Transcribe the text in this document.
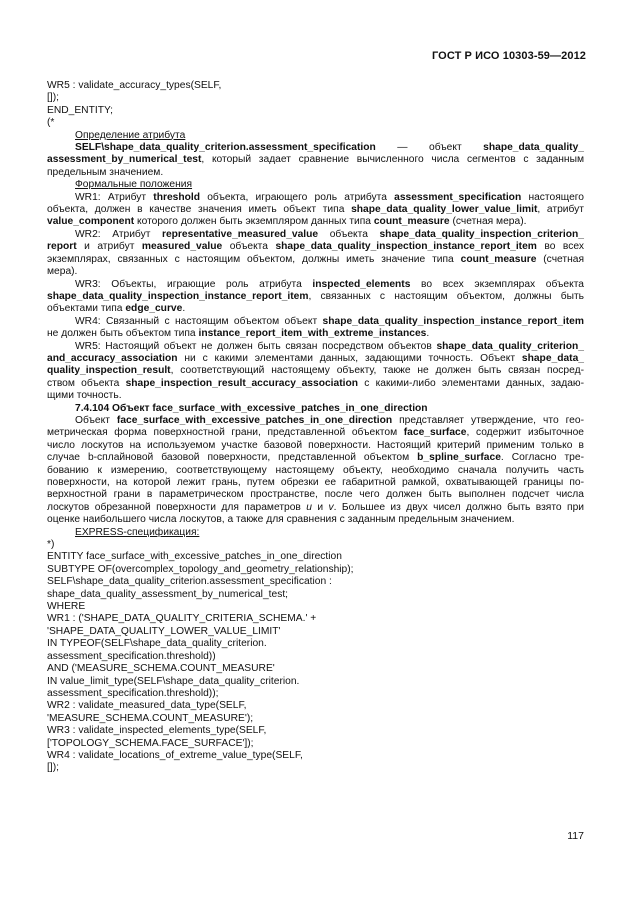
ГОСТ Р ИСО 10303-59—2012
WR5 : validate_accuracy_types(SELF,
[]);
END_ENTITY;
(*
Определение атрибута
SELF\shape_data_quality_criterion.assessment_specification — объект shape_data_quality_
assessment_by_numerical_test, который задает сравнение вычисленного числа сегментов с заданным
предельным значением.
Формальные положения
WR1: Атрибут threshold объекта, играющего роль атрибута assessment_specification настоящего
объекта, должен в качестве значения иметь объект типа shape_data_quality_lower_value_limit, атрибут
value_component которого должен быть экземпляром данных типа count_measure (счетная мера).
WR2: Атрибут representative_measured_value объекта shape_data_quality_inspection_criterion_
report и атрибут measured_value объекта shape_data_quality_inspection_instance_report_item во всех
экземплярах, связанных с настоящим объектом, должны иметь значение типа count_measure (счетная
мера).
WR3: Объекты, играющие роль атрибута inspected_elements во всех экземплярах объекта
shape_data_quality_inspection_instance_report_item, связанных с настоящим объектом, должны быть
объектами типа edge_curve.
WR4: Связанный с настоящим объектом объект shape_data_quality_inspection_instance_report_item
не должен быть объектом типа instance_report_item_with_extreme_instances.
WR5: Настоящий объект не должен быть связан посредством объектов shape_data_quality_criterion_
and_accuracy_association ни с какими элементами данных, задающими точность. Объект shape_data_
quality_inspection_result, соответствующий настоящему объекту, также не должен быть связан посред-
ством объекта shape_inspection_result_accuracy_association с какими-либо элементами данных, задаю-
щими точность.
7.4.104 Объект face_surface_with_excessive_patches_in_one_direction
Объект face_surface_with_excessive_patches_in_one_direction представляет утверждение, что гео-
метрическая форма поверхностной грани, представленной объектом face_surface, содержит избыточное
число лоскутов на используемом участке базовой поверхности. Настоящий критерий применим только в
случае b-сплайновой базовой поверхности, представленной объектом b_spline_surface. Согласно тре-
бованию к измерению, соответствующему настоящему объекту, необходимо сначала получить часть
поверхности, на которой лежит грань, путем обрезки ее габаритной рамкой, охватывающей границы по-
верхностной грани в параметрическом пространстве, после чего должен быть выполнен подсчет числа
лоскутов обрезанной поверхности для параметров u и v. Большее из двух чисел должно быть взято при
оценке наибольшего числа лоскутов, а также для сравнения с заданным предельным значением.
EXPRESS-спецификация:
*)
ENTITY face_surface_with_excessive_patches_in_one_direction
SUBTYPE OF(overcomplex_topology_and_geometry_relationship);
SELF\shape_data_quality_criterion.assessment_specification :
shape_data_quality_assessment_by_numerical_test;
WHERE
WR1 : ('SHAPE_DATA_QUALITY_CRITERIA_SCHEMA.' +
'SHAPE_DATA_QUALITY_LOWER_VALUE_LIMIT'
IN TYPEOF(SELF\shape_data_quality_criterion.
assessment_specification.threshold))
AND ('MEASURE_SCHEMA.COUNT_MEASURE'
IN value_limit_type(SELF\shape_data_quality_criterion.
assessment_specification.threshold));
WR2 : validate_measured_data_type(SELF,
'MEASURE_SCHEMA.COUNT_MEASURE');
WR3 : validate_inspected_elements_type(SELF,
['TOPOLOGY_SCHEMA.FACE_SURFACE']);
WR4 : validate_locations_of_extreme_value_type(SELF,
[]);
117
